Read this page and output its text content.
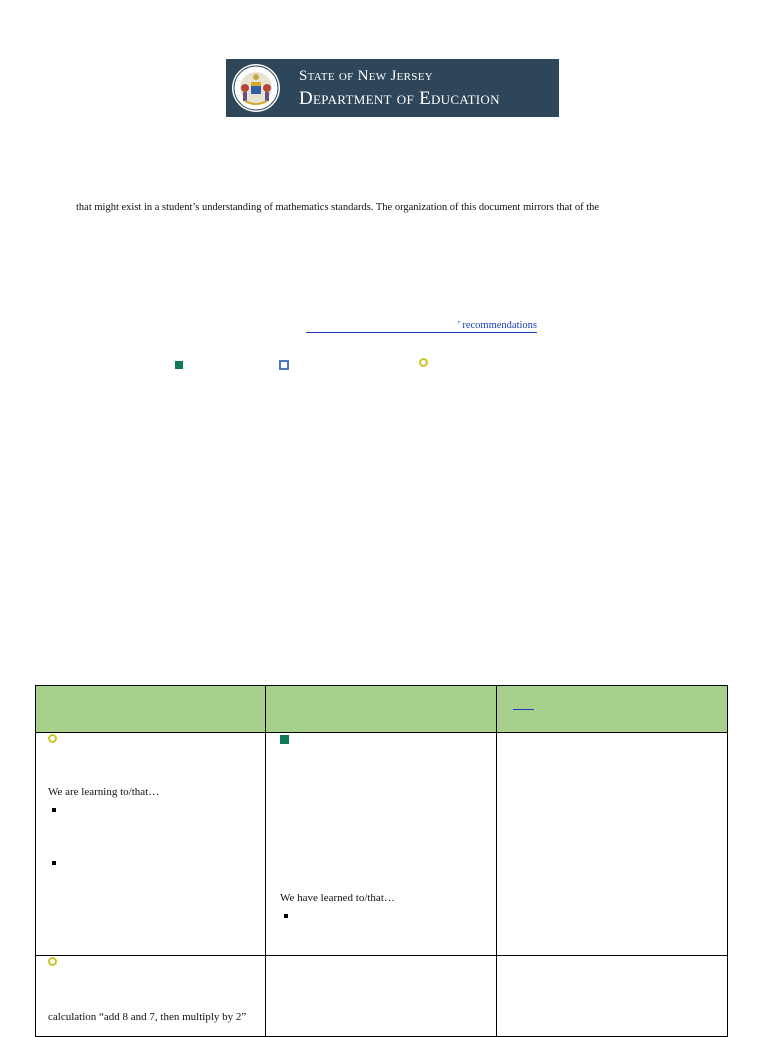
State of New Jersey
Department of Education
that might exist in a student’s understanding of mathematics standards. The organization of this document mirrors that of the
’ recommendations

We are learning to/that…	We have learned to/that…	

calculation “add 8 and 7, then multiply by 2”		
